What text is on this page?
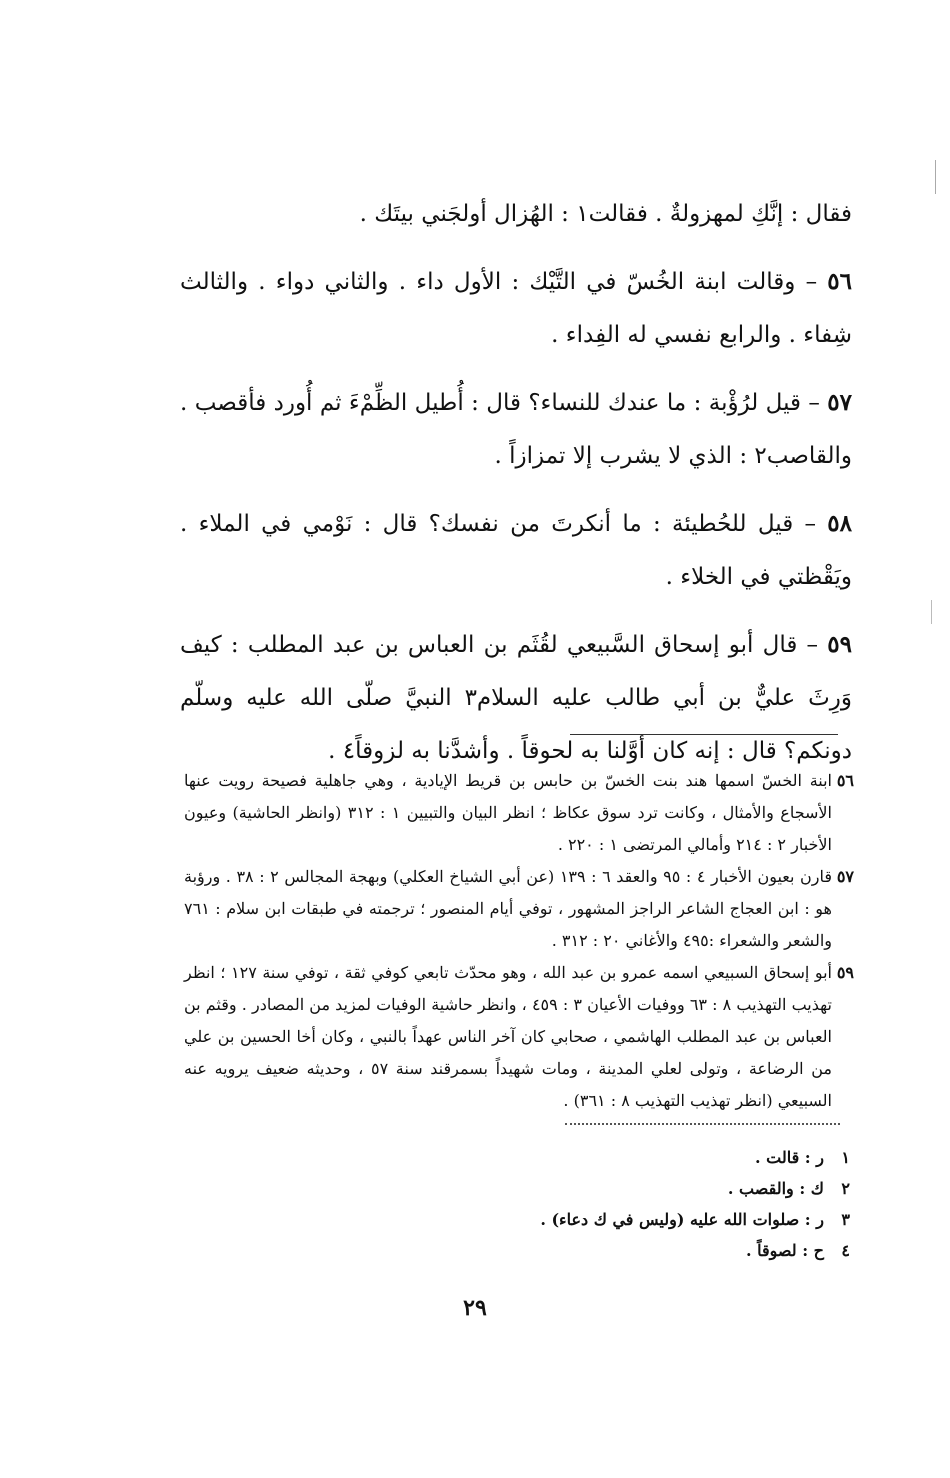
فقال : إنَّكِ لمهزولةٌ . فقالت١ : الهُزال أولجَني بيتَك .

٥٦ – وقالت ابنة الخُسّ في التَّيْك : الأول داء . والثاني دواء . والثالث شِفاء . والرابع نفسي له الفِداء .

٥٧ – قيل لرُؤْبة : ما عندك للنساء؟ قال : أُطيل الظِّمْءَ ثم أُورد فأقصب . والقاصب٢ : الذي لا يشرب إلا تمزازاً .

٥٨ – قيل للحُطيئة : ما أنكرتَ من نفسك؟ قال : نَوْمي في الملاء . ويَقْظتي في الخلاء .

٥٩ – قال أبو إسحاق السَّبيعي لقُثَم بن العباس بن عبد المطلب : كيف وَرِثَ عليٌّ بن أبي طالب عليه السلام٣ النبيَّ صلّى الله عليه وسلّم دونكم؟ قال : إنه كان أوَّلنا به لحوقاً . وأشدَّنا به لزوقاً٤ .

٥٦
ابنة الخسّ اسمها هند بنت الخسّ بن حابس بن قريط الإيادية ، وهي جاهلية فصيحة رويت عنها الأسجاع والأمثال ، وكانت ترد سوق عكاظ ؛ انظر البيان والتبيين ١ : ٣١٢ (وانظر الحاشية) وعيون الأخبار ٢ : ٢١٤ وأمالي المرتضى ١ : ٢٢٠ .
٥٧
قارن بعيون الأخبار ٤ : ٩٥ والعقد ٦ : ١٣٩ (عن أبي الشياخ العكلي) وبهجة المجالس ٢ : ٣٨ . ورؤبة هو : ابن العجاج الشاعر الراجز المشهور ، توفي أيام المنصور ؛ ترجمته في طبقات ابن سلام : ٧٦١ والشعر والشعراء :٤٩٥ والأغاني ٢٠ : ٣١٢ .
٥٩
أبو إسحاق السبيعي اسمه عمرو بن عبد الله ، وهو محدّث تابعي كوفي ثقة ، توفي سنة ١٢٧ ؛ انظر تهذيب التهذيب ٨ : ٦٣ ووفيات الأعيان ٣ : ٤٥٩ ، وانظر حاشية الوفيات لمزيد من المصادر . وقثم بن العباس بن عبد المطلب الهاشمي ، صحابي كان آخر الناس عهداً بالنبي ، وكان أخا الحسين بن علي من الرضاعة ، وتولى لعلي المدينة ، ومات شهيداً بسمرقند سنة ٥٧ ، وحديثه ضعيف يرويه عنه السبيعي (انظر تهذيب التهذيب ٨ : ٣٦١) .
١
ر : قالت .
٢
ك : والقصب .
٣
ر : صلوات الله عليه (وليس في ك دعاء) .
٤
ح : لصوقاً .
٢٩
